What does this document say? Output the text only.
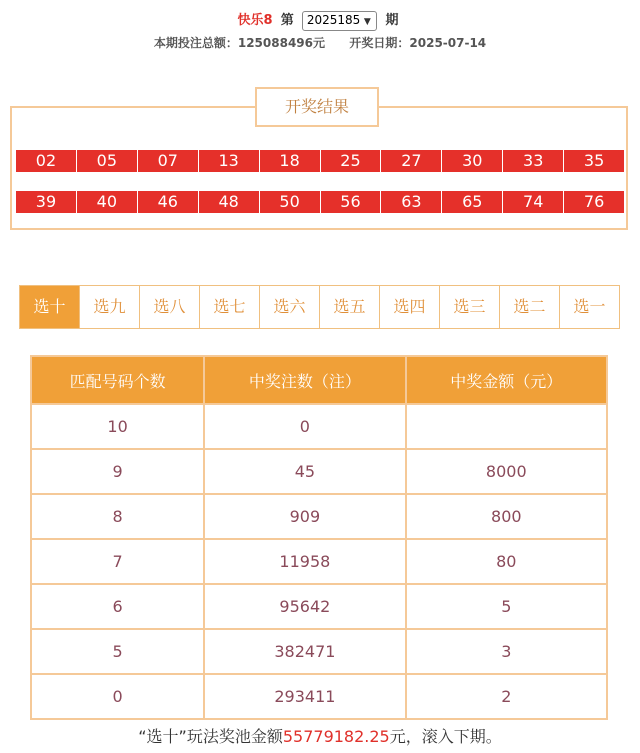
快乐8 第 2025185 ▼ 期
本期投注总额：125088496元 开奖日期：2025-07-14
开奖结果
02	05	07	13	18	25	27	30	33	35
39	40	46	48	50	56	63	65	74	76
选十	选九	选八	选七	选六	选五	选四	选三	选二	选一
匹配号码个数	中奖注数（注）	中奖金额（元）
10	0	
9	45	8000
8	909	800
7	11958	80
6	95642	5
5	382471	3
0	293411	2
“选十”玩法奖池金额55779182.25元，滚入下期。
